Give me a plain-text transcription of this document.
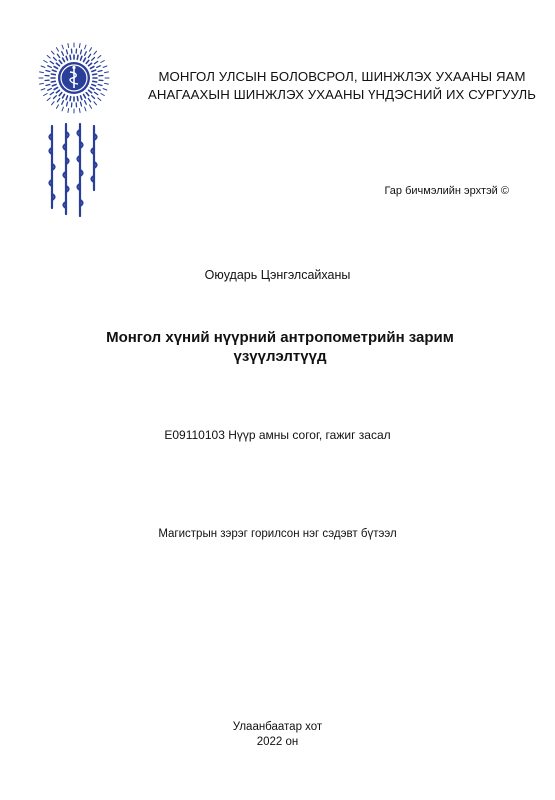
МОНГОЛ УЛСЫН БОЛОВСРОЛ, ШИНЖЛЭХ УХААНЫ ЯАМ
АНАГААХЫН ШИНЖЛЭХ УХААНЫ ҮНДЭСНИЙ ИХ СУРГУУЛЬ
Гар бичмэлийн эрхтэй ©
Оюударь Цэнгэлсайханы
Монгол хүний нүүрний антропометрийн зарим
үзүүлэлтүүд
E09110103 Нүүр амны согог, гажиг засал
Магистрын зэрэг горилсон нэг сэдэвт бүтээл
Улаанбаатар хот
2022 он
